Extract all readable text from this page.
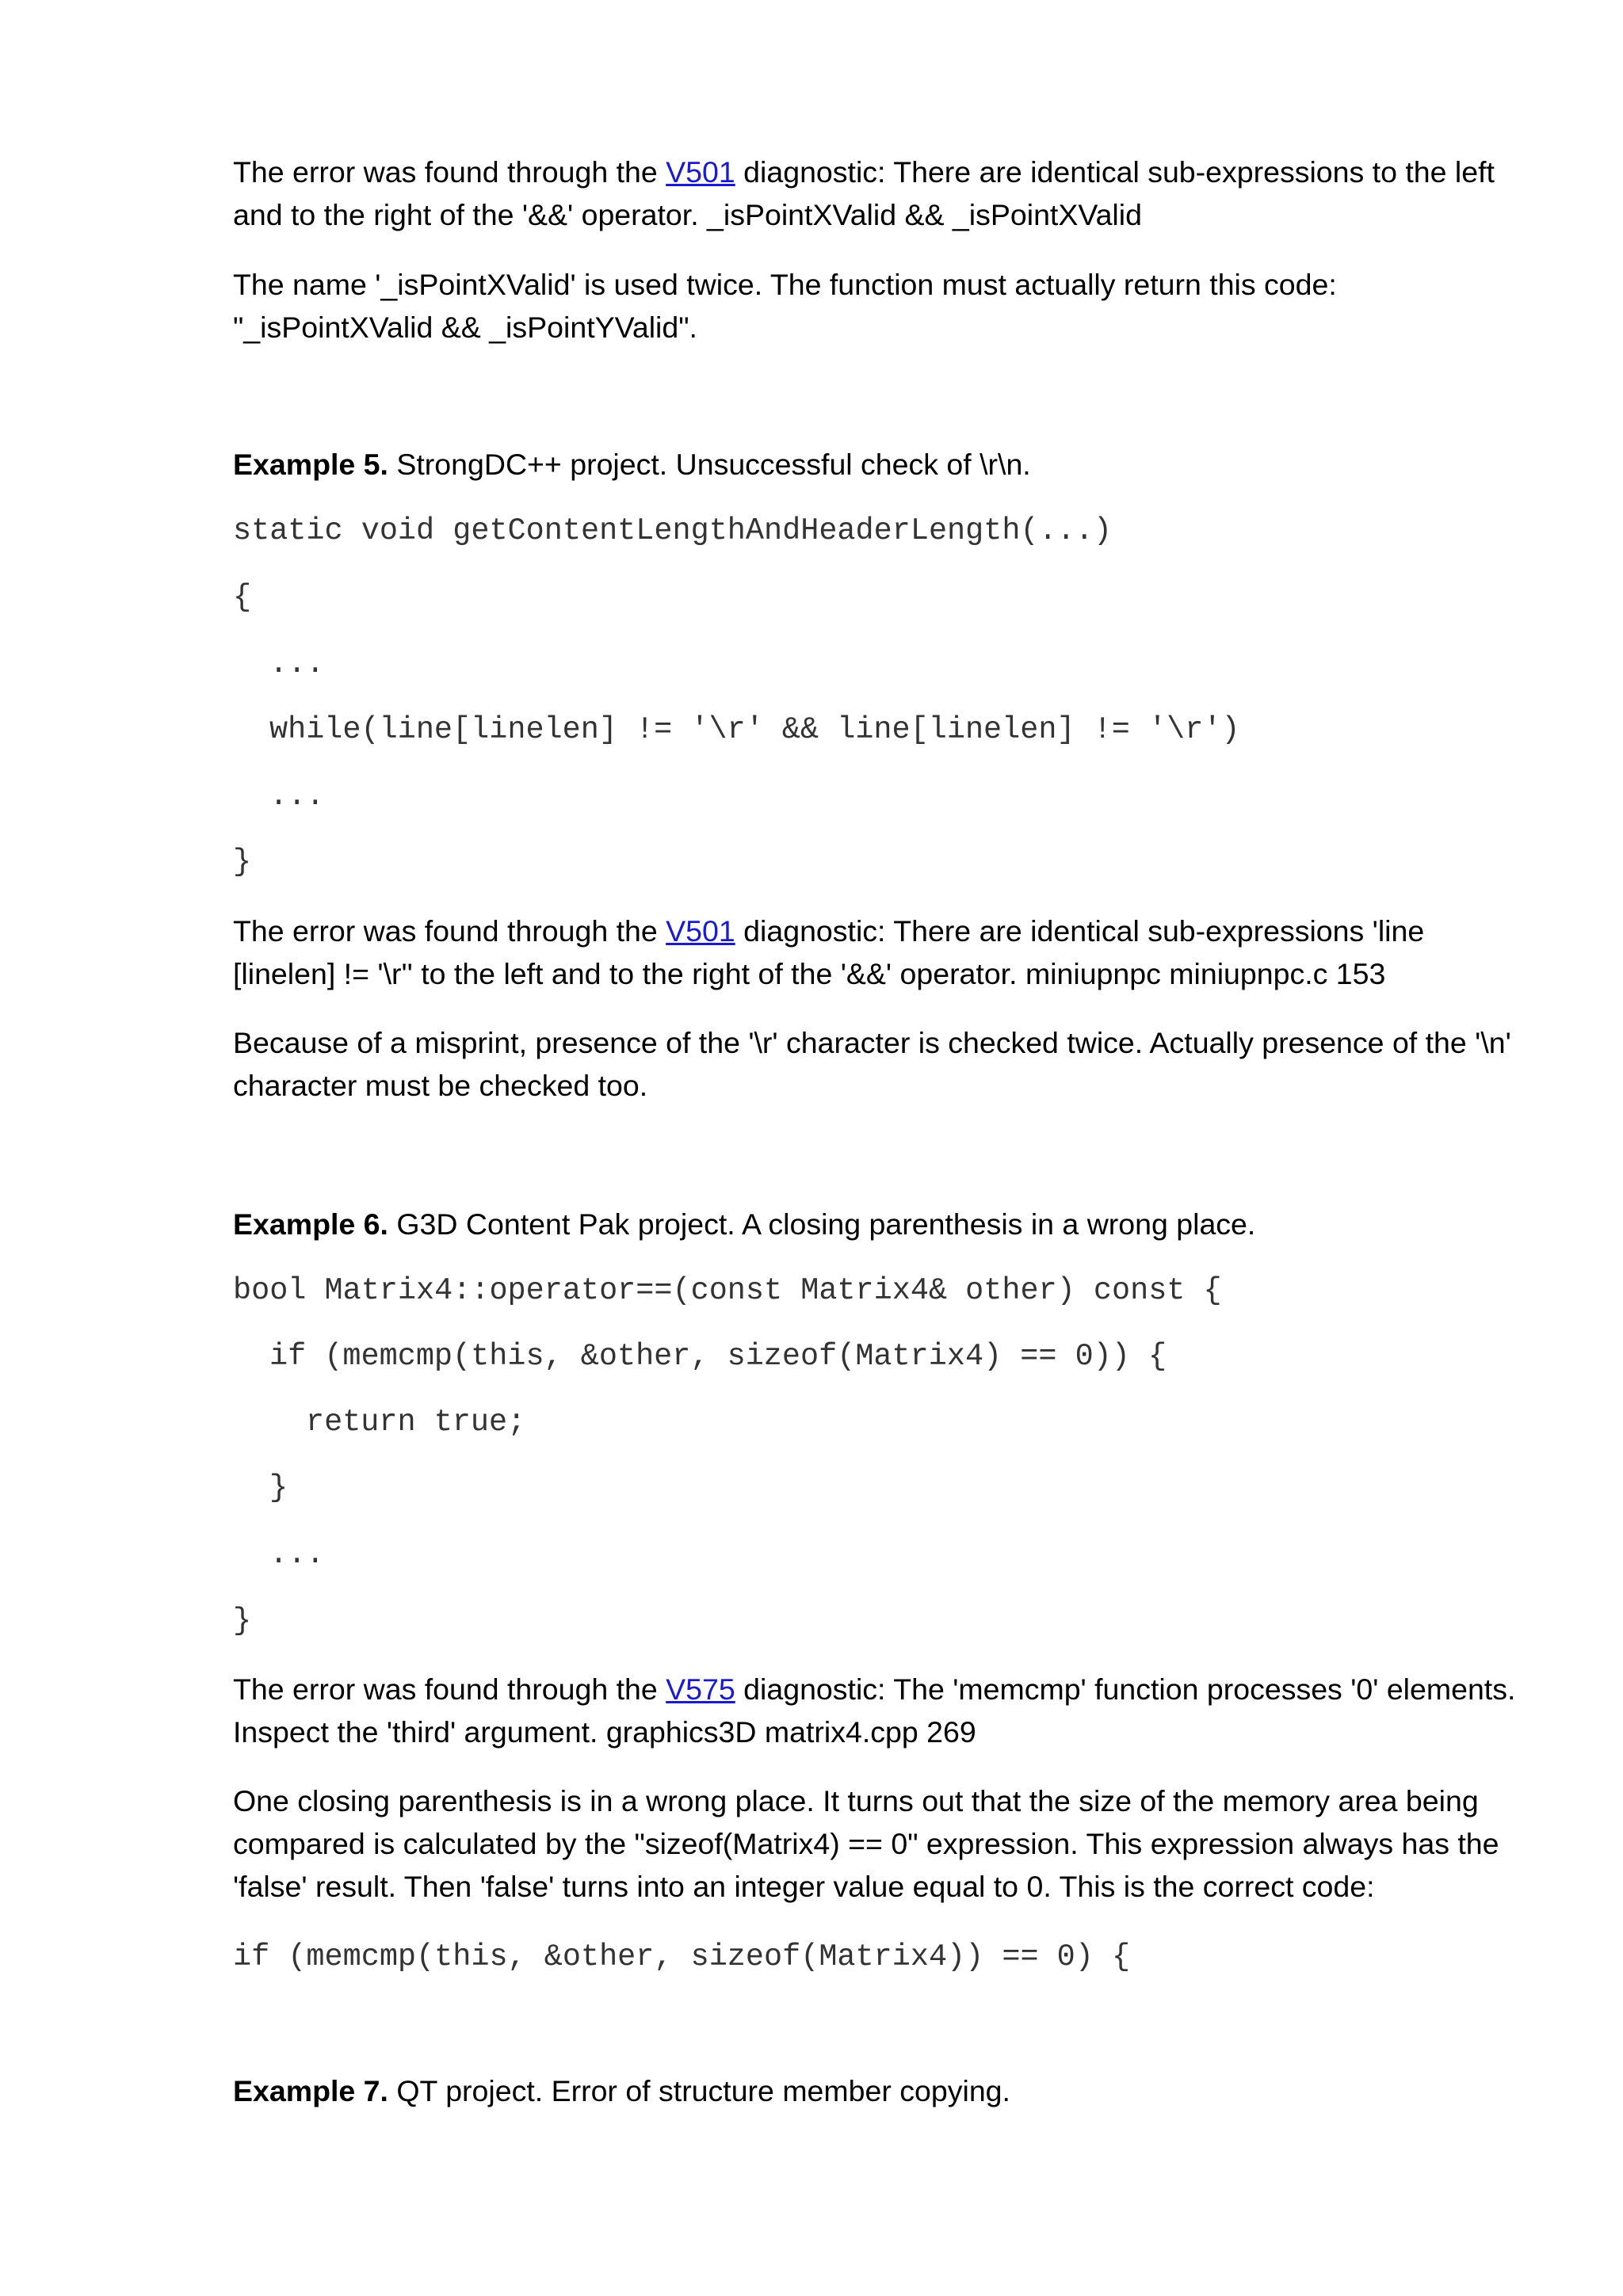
The error was found through the V501 diagnostic: There are identical sub-expressions to the left and to the right of the '&&' operator. _isPointXValid && _isPointXValid

The name '_isPointXValid' is used twice. The function must actually return this code: "_isPointXValid && _isPointYValid".

Example 5. StrongDC++ project. Unsuccessful check of \r\n.

static void getContentLengthAndHeaderLength(...)
{
...
while(line[linelen] != '\r' && line[linelen] != '\r')
...
}

The error was found through the V501 diagnostic: There are identical sub-expressions 'line [linelen] != '\r'' to the left and to the right of the '&&' operator. miniupnpc miniupnpc.c 153

Because of a misprint, presence of the '\r' character is checked twice. Actually presence of the '\n' character must be checked too.

Example 6. G3D Content Pak project. A closing parenthesis in a wrong place.

bool Matrix4::operator==(const Matrix4& other) const {
if (memcmp(this, &other, sizeof(Matrix4) == 0)) {
return true;
}
...
}

The error was found through the V575 diagnostic: The 'memcmp' function processes '0' elements. Inspect the 'third' argument. graphics3D matrix4.cpp 269

One closing parenthesis is in a wrong place. It turns out that the size of the memory area being compared is calculated by the "sizeof(Matrix4) == 0" expression. This expression always has the 'false' result. Then 'false' turns into an integer value equal to 0. This is the correct code:

if (memcmp(this, &other, sizeof(Matrix4)) == 0) {

Example 7. QT project. Error of structure member copying.
